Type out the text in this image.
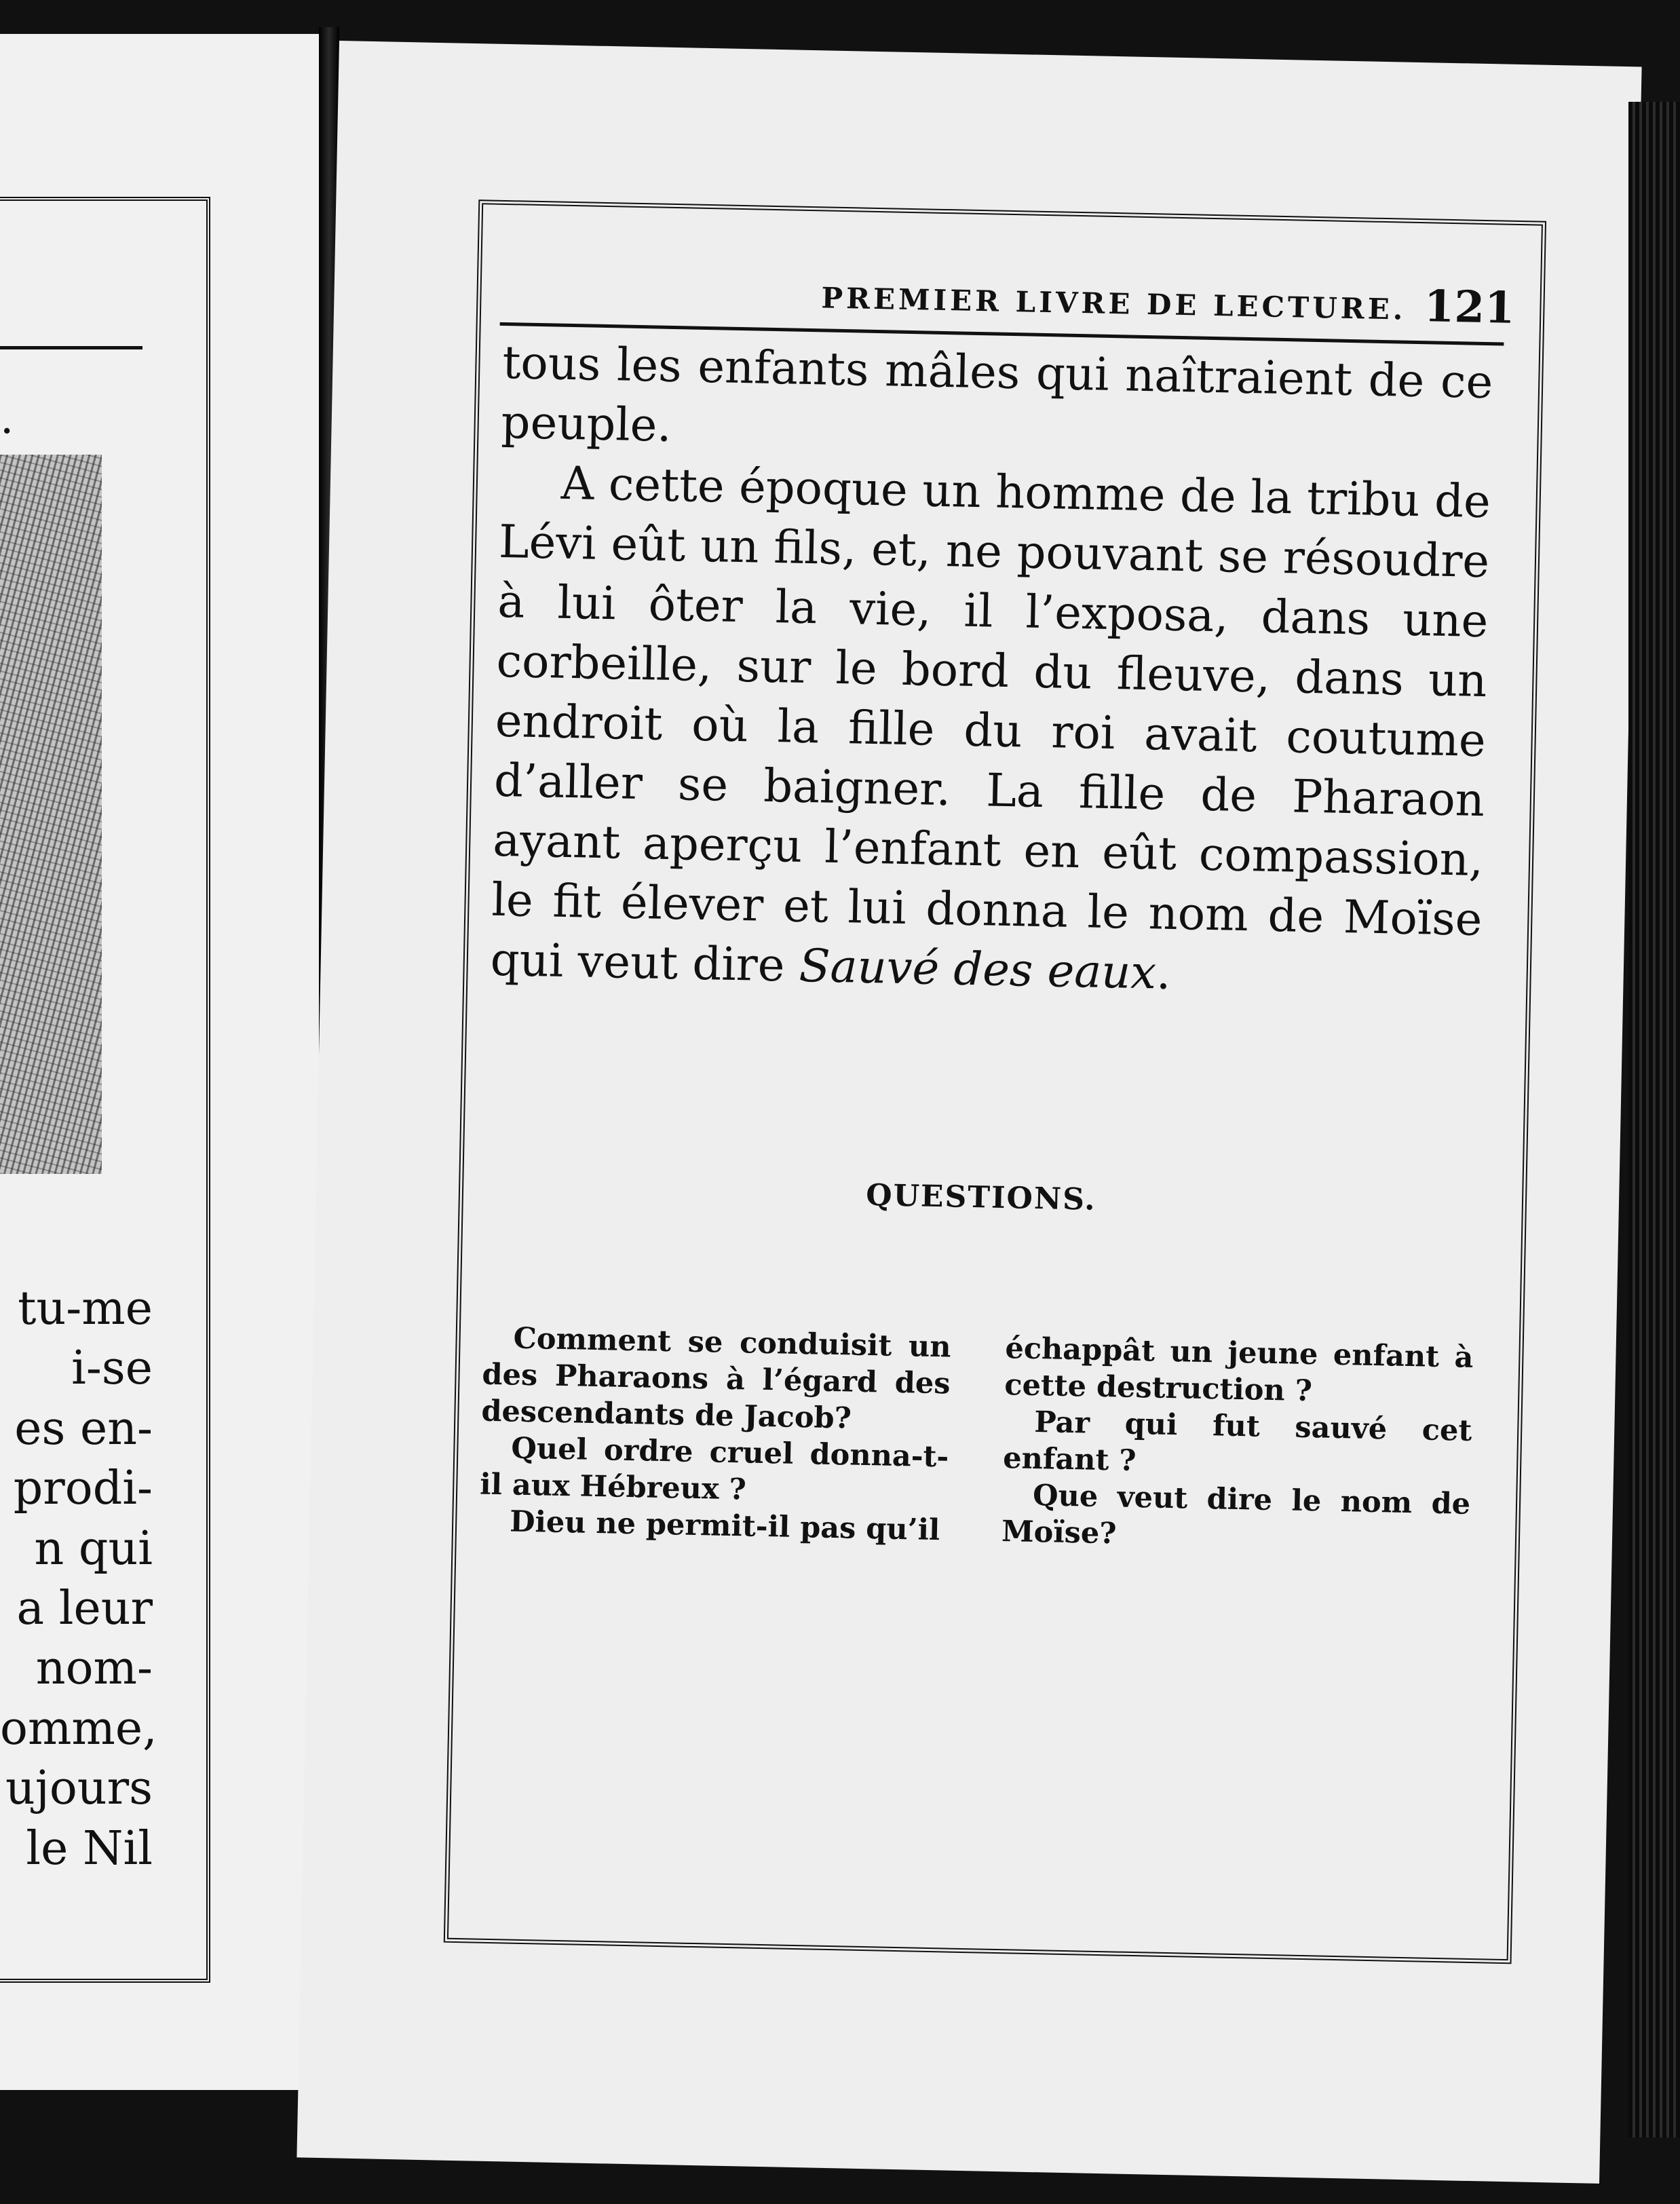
.
tu-me
i-se
es en-
prodi-
n qui
a leur
nom-
omme,
ujours
le Nil
PREMIER LIVRE DE LECTURE. 121

tous les enfants mâles qui naîtraient de ce peuple.

A cette époque un homme de la tribu de Lévi eût un fils, et, ne pouvant se résoudre à lui ôter la vie, il l’exposa, dans une corbeille, sur le bord du fleuve, dans un endroit où la fille du roi avait coutume d’aller se baigner. La fille de Pharaon ayant aperçu l’enfant en eût compassion, le fit élever et lui donna le nom de Moïse qui veut dire Sauvé des eaux.

QUESTIONS.

Comment se conduisit un des Pharaons à l’égard des descendants de Jacob?

Quel ordre cruel donna-t-il aux Hébreux ?

Dieu ne permit-il pas qu’il

échappât un jeune enfant à cette destruction ?

Par qui fut sauvé cet enfant ?

Que veut dire le nom de Moïse?
